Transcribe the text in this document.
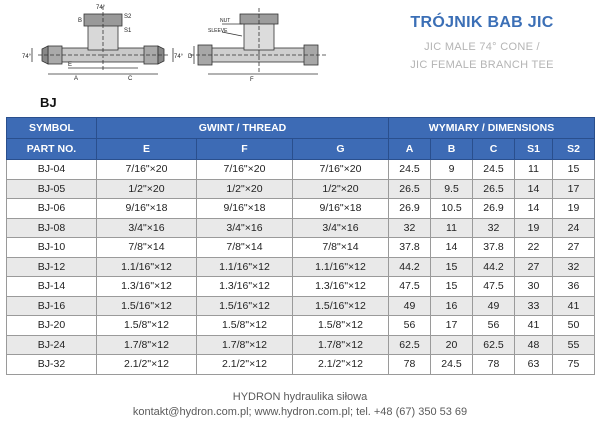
74°
S2
S1
B
74°	74°
E
A	C
NUT
SLEEVE
D
F
TRÓJNIK BAB JIC
JIC MALE 74° CONE /
JIC FEMALE BRANCH TEE
BJ
SYMBOL	GWINT / THREAD			WYMIARY / DIMENSIONS				
PART NO.	E	F	G	A	B	C	S1	S2
BJ-04	7/16"×20	7/16"×20	7/16"×20	24.5	9	24.5	11	15
BJ-05	1/2"×20	1/2"×20	1/2"×20	26.5	9.5	26.5	14	17
BJ-06	9/16"×18	9/16"×18	9/16"×18	26.9	10.5	26.9	14	19
BJ-08	3/4"×16	3/4"×16	3/4"×16	32	11	32	19	24
BJ-10	7/8"×14	7/8"×14	7/8"×14	37.8	14	37.8	22	27
BJ-12	1.1/16"×12	1.1/16"×12	1.1/16"×12	44.2	15	44.2	27	32
BJ-14	1.3/16"×12	1.3/16"×12	1.3/16"×12	47.5	15	47.5	30	36
BJ-16	1.5/16"×12	1.5/16"×12	1.5/16"×12	49	16	49	33	41
BJ-20	1.5/8"×12	1.5/8"×12	1.5/8"×12	56	17	56	41	50
BJ-24	1.7/8"×12	1.7/8"×12	1.7/8"×12	62.5	20	62.5	48	55
BJ-32	2.1/2"×12	2.1/2"×12	2.1/2"×12	78	24.5	78	63	75
HYDRON hydraulika siłowa
kontakt@hydron.com.pl; www.hydron.com.pl; tel. +48 (67) 350 53 69
